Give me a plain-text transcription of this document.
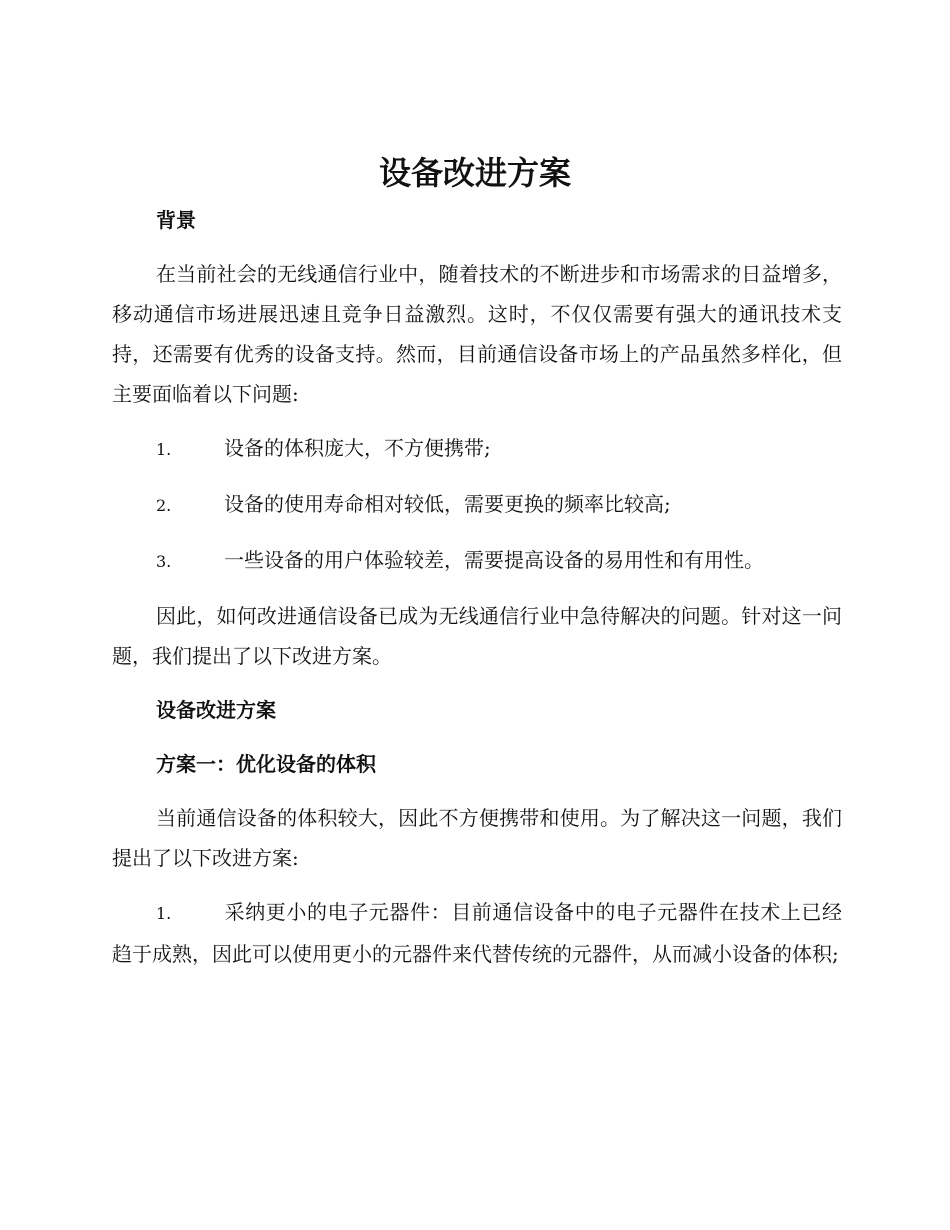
设备改进方案

背景

在当前社会的无线通信行业中，随着技术的不断进步和市场需求的日益增多，移动通信市场进展迅速且竞争日益激烈。这时，不仅仅需要有强大的通讯技术支持，还需要有优秀的设备支持。然而，目前通信设备市场上的产品虽然多样化，但主要面临着以下问题:

1.	设备的体积庞大，不方便携带;

2.	设备的使用寿命相对较低，需要更换的频率比较高;

3.	一些设备的用户体验较差，需要提高设备的易用性和有用性。

因此，如何改进通信设备已成为无线通信行业中急待解决的问题。针对这一问题，我们提出了以下改进方案。

设备改进方案

方案一：优化设备的体积

当前通信设备的体积较大，因此不方便携带和使用。为了解决这一问题，我们提出了以下改进方案:

1.	采纳更小的电子元器件：目前通信设备中的电子元器件在技术上已经趋于成熟，因此可以使用更小的元器件来代替传统的元器件，从而减小设备的体积;
